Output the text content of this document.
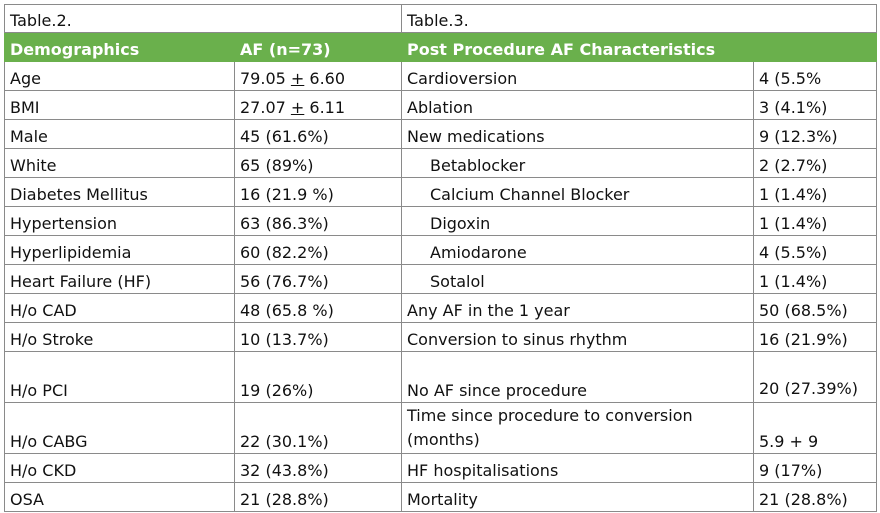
Table.2.		Table.3.	
Demographics	AF (n=73)	Post Procedure AF Characteristics	
Age	79.05 + 6.60	Cardioversion	4 (5.5%
BMI	27.07 + 6.11	Ablation	3 (4.1%)
Male	45 (61.6%)	New medications	9 (12.3%)
White	65 (89%)	Betablocker	2 (2.7%)
Diabetes Mellitus	16 (21.9 %)	Calcium Channel Blocker	1 (1.4%)
Hypertension	63 (86.3%)	Digoxin	1 (1.4%)
Hyperlipidemia	60 (82.2%)	Amiodarone	4 (5.5%)
Heart Failure (HF)	56 (76.7%)	Sotalol	1 (1.4%)
H/o CAD	48 (65.8 %)	Any AF in the 1 year	50 (68.5%)
H/o Stroke	10 (13.7%)	Conversion to sinus rhythm	16 (21.9%)
H/o PCI	19 (26%)	No AF since procedure	20 (27.39%)
H/o CABG	22 (30.1%)	Time since procedure to conversion (months)	5.9 + 9
H/o CKD	32 (43.8%)	HF hospitalisations	9 (17%)
OSA	21 (28.8%)	Mortality	21 (28.8%)
